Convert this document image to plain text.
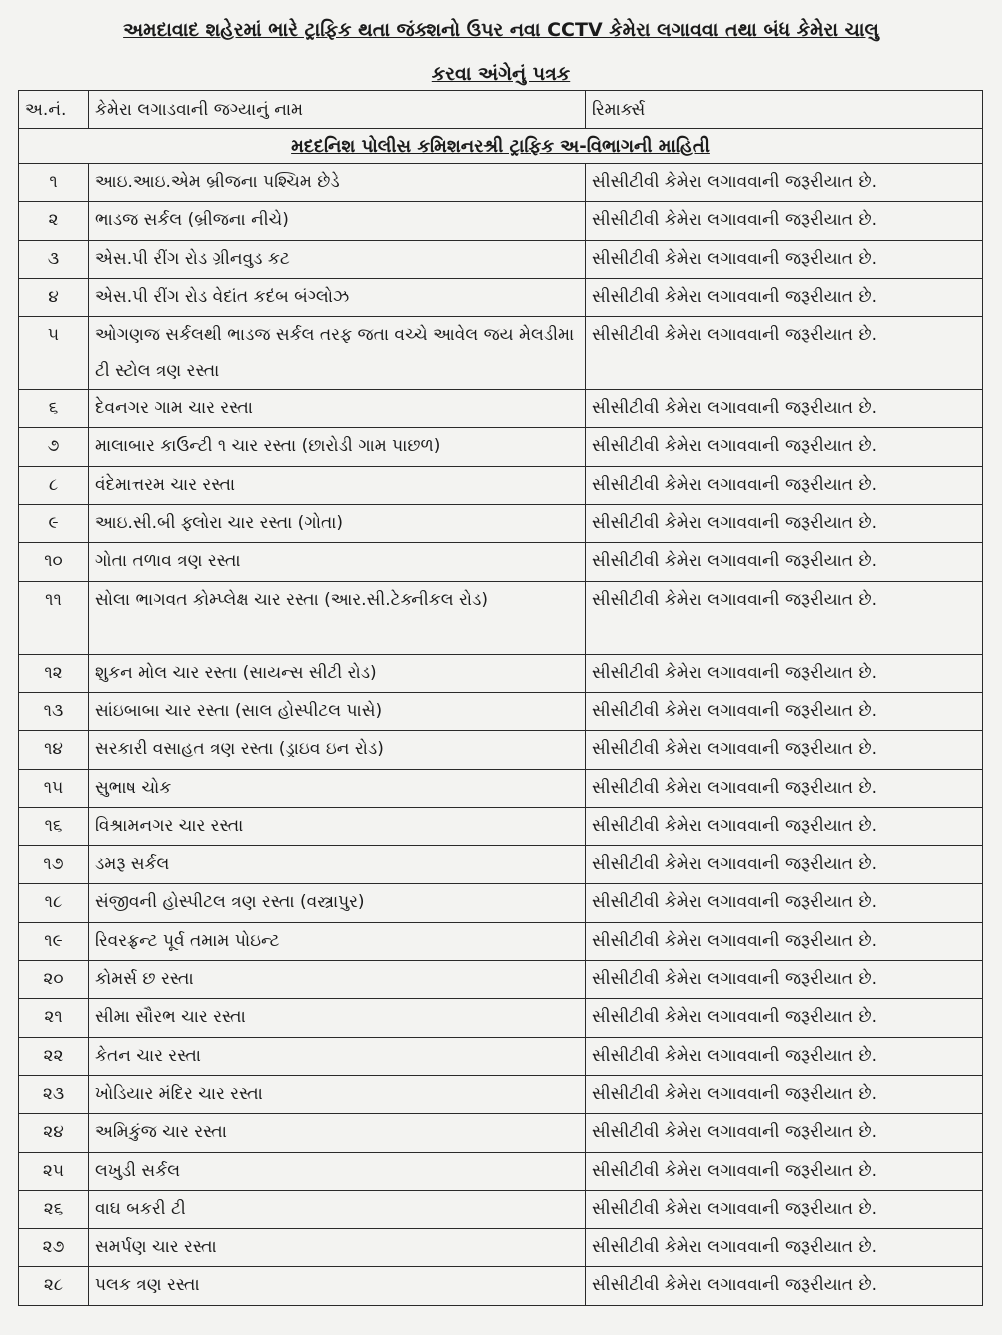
અમદાવાદ શહેરમાં ભારે ટ્રાફિક થતા જંક્શનો ઉપર નવા CCTV કેમેરા લગાવવા તથા બંધ કેમેરા ચાલુ
કરવા અંગેનું પત્રક
અ.નં.	કેમેરા લગાડવાની જગ્યાનું નામ	રિમાર્ક્સ
મદદનિશ પોલીસ કમિશનરશ્રી ટ્રાફિક અ-વિભાગની માહિતી		
૧	આઇ.આઇ.એમ બ્રીજના પશ્ચિમ છેડે	સીસીટીવી કેમેરા લગાવવાની જરૂરીયાત છે.
૨	ભાડજ સર્કલ (બ્રીજના નીચે)	સીસીટીવી કેમેરા લગાવવાની જરૂરીયાત છે.
૩	એસ.પી રીંગ રોડ ગ્રીનવુડ કટ	સીસીટીવી કેમેરા લગાવવાની જરૂરીયાત છે.
૪	એસ.પી રીંગ રોડ વેદાંત કદંબ બંગ્લોઝ	સીસીટીવી કેમેરા લગાવવાની જરૂરીયાત છે.
૫	ઓગણજ સર્કલથી ભાડજ સર્કલ તરફ જતા વચ્ચે આવેલ જય મેલડીમા ટી સ્ટોલ ત્રણ રસ્તા	સીસીટીવી કેમેરા લગાવવાની જરૂરીયાત છે.
૬	દેવનગર ગામ ચાર રસ્તા	સીસીટીવી કેમેરા લગાવવાની જરૂરીયાત છે.
૭	માલાબાર કાઉન્ટી ૧ ચાર રસ્તા (છારોડી ગામ પાછળ)	સીસીટીવી કેમેરા લગાવવાની જરૂરીયાત છે.
૮	વંદેમાત્તરમ ચાર રસ્તા	સીસીટીવી કેમેરા લગાવવાની જરૂરીયાત છે.
૯	આઇ.સી.બી ફ્લોરા ચાર રસ્તા (ગોતા)	સીસીટીવી કેમેરા લગાવવાની જરૂરીયાત છે.
૧૦	ગોતા તળાવ ત્રણ રસ્તા	સીસીટીવી કેમેરા લગાવવાની જરૂરીયાત છે.
૧૧	સોલા ભાગવત કોમ્પ્લેક્ષ ચાર રસ્તા (આર.સી.ટેક્નીકલ રોડ)	સીસીટીવી કેમેરા લગાવવાની જરૂરીયાત છે.
૧૨	શુકન મોલ ચાર રસ્તા (સાયન્સ સીટી રોડ)	સીસીટીવી કેમેરા લગાવવાની જરૂરીયાત છે.
૧૩	સાંઇબાબા ચાર રસ્તા (સાલ હોસ્પીટલ પાસે)	સીસીટીવી કેમેરા લગાવવાની જરૂરીયાત છે.
૧૪	સરકારી વસાહત ત્રણ રસ્તા (ડ્રાઇવ ઇન રોડ)	સીસીટીવી કેમેરા લગાવવાની જરૂરીયાત છે.
૧૫	સુભાષ ચોક	સીસીટીવી કેમેરા લગાવવાની જરૂરીયાત છે.
૧૬	વિશ્રામનગર ચાર રસ્તા	સીસીટીવી કેમેરા લગાવવાની જરૂરીયાત છે.
૧૭	ડમરૂ સર્કલ	સીસીટીવી કેમેરા લગાવવાની જરૂરીયાત છે.
૧૮	સંજીવની હોસ્પીટલ ત્રણ રસ્તા (વસ્ત્રાપુર)	સીસીટીવી કેમેરા લગાવવાની જરૂરીયાત છે.
૧૯	રિવરફ્રન્ટ પૂર્વ તમામ પોઇન્ટ	સીસીટીવી કેમેરા લગાવવાની જરૂરીયાત છે.
૨૦	કોમર્સ છ રસ્તા	સીસીટીવી કેમેરા લગાવવાની જરૂરીયાત છે.
૨૧	સીમા સૌરભ ચાર રસ્તા	સીસીટીવી કેમેરા લગાવવાની જરૂરીયાત છે.
૨૨	કેતન ચાર રસ્તા	સીસીટીવી કેમેરા લગાવવાની જરૂરીયાત છે.
૨૩	ખોડિયાર મંદિર ચાર રસ્તા	સીસીટીવી કેમેરા લગાવવાની જરૂરીયાત છે.
૨૪	અમિકુંજ ચાર રસ્તા	સીસીટીવી કેમેરા લગાવવાની જરૂરીયાત છે.
૨૫	લખુડી સર્કલ	સીસીટીવી કેમેરા લગાવવાની જરૂરીયાત છે.
૨૬	વાઘ બકરી ટી	સીસીટીવી કેમેરા લગાવવાની જરૂરીયાત છે.
૨૭	સમર્પણ ચાર રસ્તા	સીસીટીવી કેમેરા લગાવવાની જરૂરીયાત છે.
૨૮	પલક ત્રણ રસ્તા	સીસીટીવી કેમેરા લગાવવાની જરૂરીયાત છે.
